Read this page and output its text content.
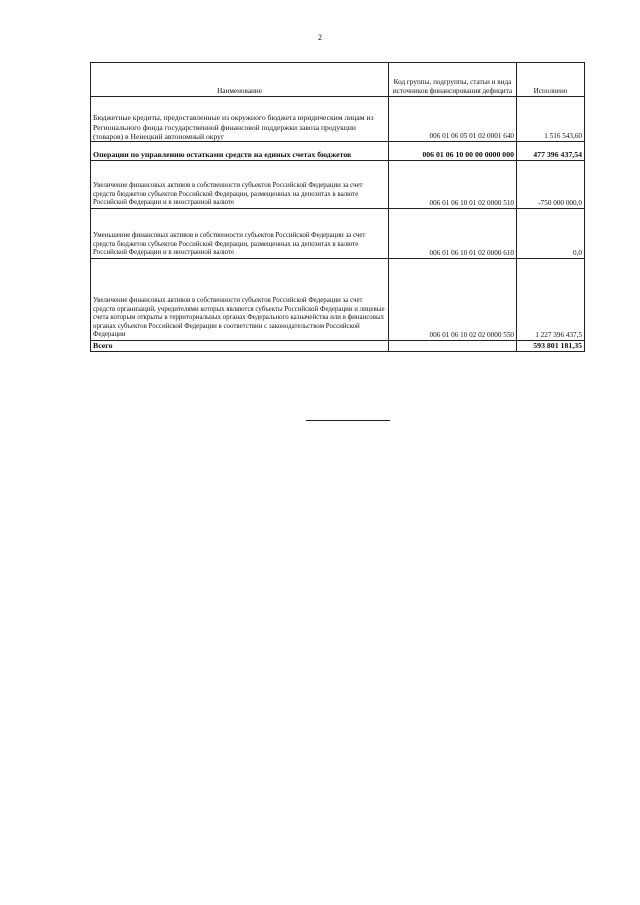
2
Наименование	Код группы, подгруппы, статьи и вида источников финансирования дефицита	Исполнено
Бюджетные кредиты, предоставленные из окружного бюджета юридическим лицам из Регионального фонда государственной финансовой поддержки завоза продукции (товаров) в Ненецкий автономный округ	006 01 06 05 01 02 0001 640	1 516 543,60
Операции по управлению остатками средств на единых счетах бюджетов	006 01 06 10 00 00 0000 000	477 396 437,54
Увеличение финансовых активов в собственности субъектов Российской Федерации за счет средств бюджетов субъектов Российской Федерации, размещенных на депозитах в валюте Российской Федерации и в иностранной валюте	006 01 06 10 01 02 0000 510	-750 000 000,0
Уменьшение финансовых активов в собственности субъектов Российской Федерации за счет средств бюджетов субъектов Российской Федерации, размещенных на депозитах в валюте Российской Федерации и в иностранной валюте	006 01 06 10 01 02 0000 610	0,0
Увеличение финансовых активов в собственности субъектов Российской Федерации за счет средств организаций, учредителями которых являются субъекты Российской Федерации и лицевые счета которым открыты в территориальных органах Федерального казначейства или в финансовых органах субъектов Российской Федерации в соответствии с законодательством Российской Федерации	006 01 06 10 02 02 0000 550	1 227 396 437,5
Всего		593 801 181,35
